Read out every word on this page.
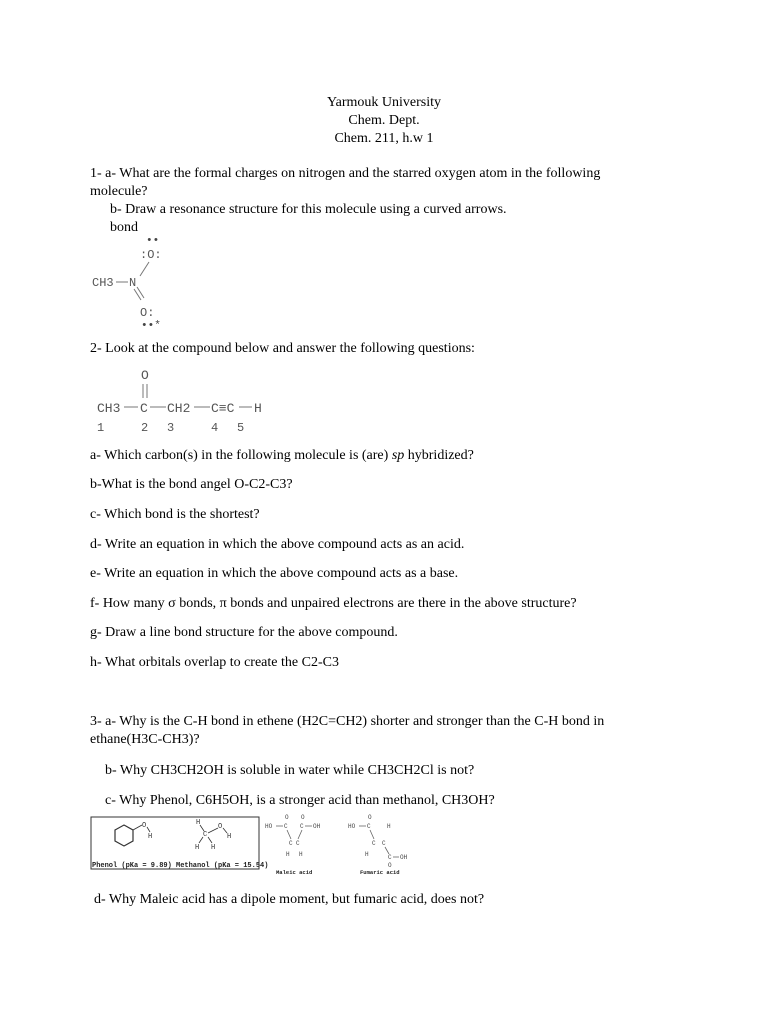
Yarmouk University
Chem. Dept.
Chem. 211, h.w 1
1- a- What are the formal charges on nitrogen and the starred oxygen atom in the following
molecule?
b- Draw a resonance structure for this molecule using a curved arrows.
bond
••
:O:
CH3 N
O:
••*
2- Look at the compound below and answer the following questions:
O
CH3 C CH2 C≡C H
1	2 3	4 5
a- Which carbon(s) in the following molecule is (are) sp hybridized?
b-What is the bond angel O-C2-C3?
c- Which bond is the shortest?
d- Write an equation in which the above compound acts as an acid.
e- Write an equation in which the above compound acts as a base.
f- How many σ bonds, π bonds and unpaired electrons are there in the above structure?
g- Draw a line bond structure for the above compound.
h- What orbitals overlap to create the C2-C3
3- a- Why is the C-H bond in ethene (H2C=CH2) shorter and stronger than the C-H bond in
ethane(H3C-CH3)?
b- Why CH3CH2OH is soluble in water while CH3CH2Cl is not?
c- Why Phenol, C6H5OH, is a stronger acid than methanol, CH3OH?
O
H
Phenol (pKa = 9.89)
H
C
O
H
H H
Methanol (pKa = 15.54)
O O
HO C C OH
C C
H H
Maleic acid
O
HO C	H
C C
H	C OH
O
Fumaric acid
d- Why Maleic acid has a dipole moment, but fumaric acid, does not?
